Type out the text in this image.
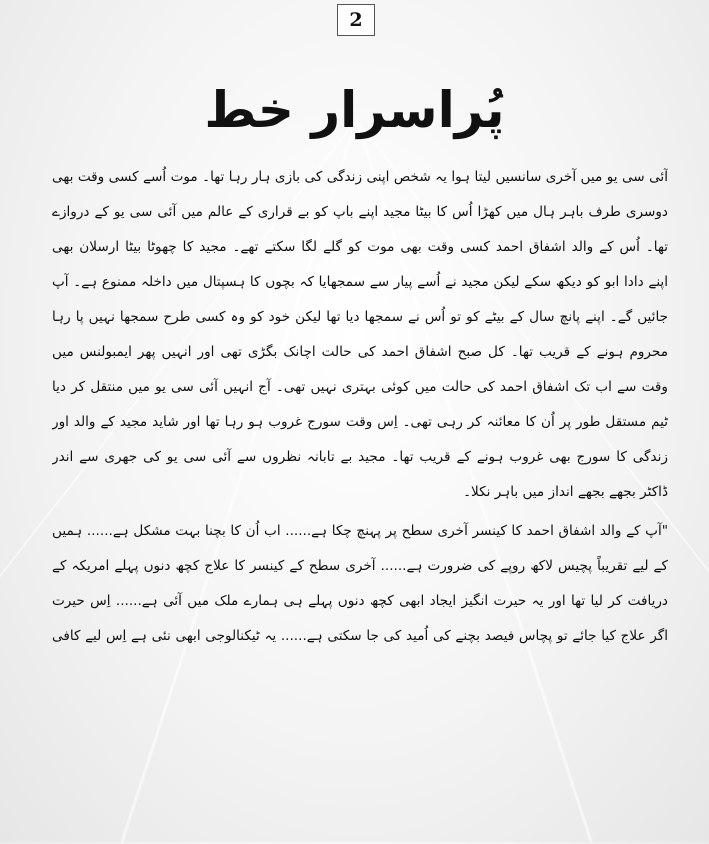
2
پُراسرار خط
آئی سی یو میں آخری سانسیں لیتا ہوا یہ شخص اپنی زندگی کی بازی ہار رہا تھا۔ موت اُسے کسی وقت بھی
دوسری طرف باہر ہال میں کھڑا اُس کا بیٹا مجید اپنے باپ کو بے قراری کے عالم میں آئی سی یو کے دروازے
تھا۔ اُس کے والد اشفاق احمد کسی وقت بھی موت کو گلے لگا سکتے تھے۔ مجید کا چھوٹا بیٹا ارسلان بھی
اپنے دادا ابو کو دیکھ سکے لیکن مجید نے اُسے پیار سے سمجھایا کہ بچوں کا ہسپتال میں داخلہ ممنوع ہے۔ آپ
جائیں گے۔ اپنے پانچ سال کے بیٹے کو تو اُس نے سمجھا دیا تھا لیکن خود کو وہ کسی طرح سمجھا نہیں پا رہا
محروم ہونے کے قریب تھا۔ کل صبح اشفاق احمد کی حالت اچانک بگڑی تھی اور انہیں پھر ایمبولنس میں
وقت سے اب تک اشفاق احمد کی حالت میں کوئی بہتری نہیں تھی۔ آج انہیں آئی سی یو میں منتقل کر دیا
ٹیم مستقل طور پر اُن کا معائنہ کر رہی تھی۔ اِس وقت سورج غروب ہو رہا تھا اور شاید مجید کے والد اور
زندگی کا سورج بھی غروب ہونے کے قریب تھا۔ مجید بے تابانہ نظروں سے آئی سی یو کی جھری سے اندر
ڈاکٹر بجھے بجھے انداز میں باہر نکلا۔
"آپ کے والد اشفاق احمد کا کینسر آخری سطح پر پہنچ چکا ہے...... اب اُن کا بچنا بہت مشکل ہے...... ہمیں
کے لیے تقریباً پچیس لاکھ روپے کی ضرورت ہے...... آخری سطح کے کینسر کا علاج کچھ دنوں پہلے امریکہ کے
دریافت کر لیا تھا اور یہ حیرت انگیز ایجاد ابھی کچھ دنوں پہلے ہی ہمارے ملک میں آئی ہے...... اِس حیرت
اگر علاج کیا جائے تو پچاس فیصد بچنے کی اُمید کی جا سکتی ہے...... یہ ٹیکنالوجی ابھی نئی ہے اِس لیے کافی
